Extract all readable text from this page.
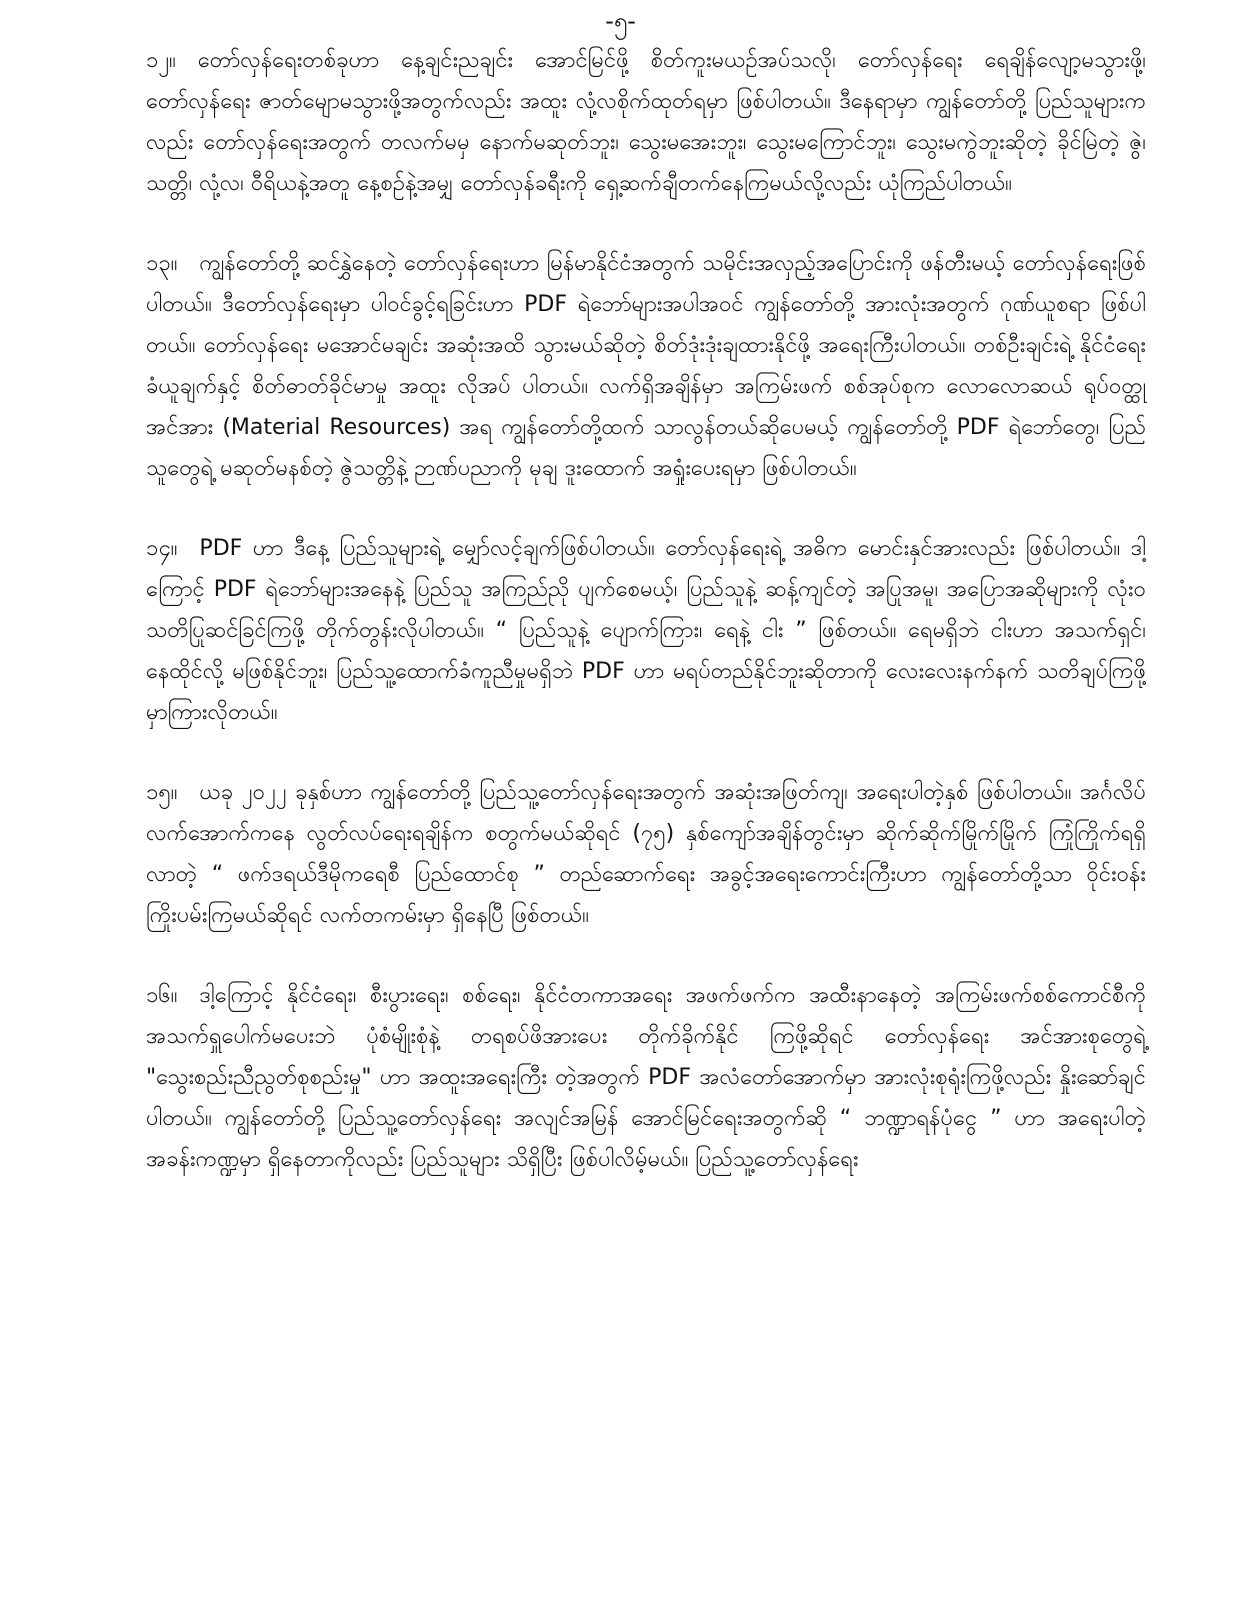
-၅-

၁၂။ တော်လှန်ရေးတစ်ခုဟာ နေ့ချင်းညချင်း အောင်မြင်ဖို့ စိတ်ကူးမယဉ်အပ်သလို၊ တော်လှန်ရေး ရေချိန်လျော့မသွားဖို့၊ တော်လှန်ရေး ဇာတ်မျောမသွားဖို့အတွက်လည်း အထူး လုံ့လစိုက်ထုတ်ရမှာ ဖြစ်ပါတယ်။ ဒီနေရာမှာ ကျွန်တော်တို့ ပြည်သူများကလည်း တော်လှန်ရေးအတွက် တလက်မမှ နောက်မဆုတ်ဘူး၊ သွေးမအေးဘူး၊ သွေးမကြောင်ဘူး၊ သွေးမကွဲဘူးဆိုတဲ့ ခိုင်မြဲတဲ့ ဇွဲ၊ သတ္တိ၊ လုံ့လ၊ ဝီရိယနဲ့အတူ နေ့စဉ်နဲ့အမျှ တော်လှန်ခရီးကို ရှေ့ဆက်ချီတက်နေကြမယ်လို့လည်း ယုံကြည်ပါတယ်။

၁၃။ ကျွန်တော်တို့ ဆင်နွှဲနေတဲ့ တော်လှန်ရေးဟာ မြန်မာနိုင်ငံအတွက် သမိုင်းအလှည့်အပြောင်းကို ဖန်တီးမယ့် တော်လှန်ရေးဖြစ်ပါတယ်။ ဒီတော်လှန်ရေးမှာ ပါဝင်ခွင့်ရခြင်းဟာ PDF ရဲဘော်များအပါအဝင် ကျွန်တော်တို့ အားလုံးအတွက် ဂုဏ်ယူစရာ ဖြစ်ပါတယ်။ တော်လှန်ရေး မအောင်မချင်း အဆုံးအထိ သွားမယ်ဆိုတဲ့ စိတ်ဒုံးဒုံးချထားနိုင်ဖို့ အရေးကြီးပါတယ်။ တစ်ဦးချင်းရဲ့ နိုင်ငံရေးခံယူချက်နှင့် စိတ်ဓာတ်ခိုင်မာမှု အထူး လိုအပ် ပါတယ်။ လက်ရှိအချိန်မှာ အကြမ်းဖက် စစ်အုပ်စုက လောလောဆယ် ရုပ်ဝတ္ထုအင်အား (Material Resources) အရ ကျွန်တော်တို့ထက် သာလွန်တယ်ဆိုပေမယ့် ကျွန်တော်တို့ PDF ရဲဘော်တွေ၊ ပြည်သူတွေရဲ့ မဆုတ်မနစ်တဲ့ ဇွဲသတ္တိနဲ့ ဉာဏ်ပညာကို မုချ ဒူးထောက် အရှုံးပေးရမှာ ဖြစ်ပါတယ်။

၁၄။ PDF ဟာ ဒီနေ့ ပြည်သူများရဲ့ မျှော်လင့်ချက်ဖြစ်ပါတယ်။ တော်လှန်ရေးရဲ့ အဓိက မောင်းနှင်အားလည်း ဖြစ်ပါတယ်။ ဒါ့ကြောင့် PDF ရဲဘော်များအနေနဲ့ ပြည်သူ အကြည်ညို ပျက်စေမယ့်၊ ပြည်သူနဲ့ ဆန့်ကျင်တဲ့ အပြုအမူ၊ အပြောအဆိုများကို လုံးဝ သတိပြုဆင်ခြင်ကြဖို့ တိုက်တွန်းလိုပါတယ်။ “ ပြည်သူနဲ့ ပျောက်ကြား၊ ရေနဲ့ ငါး ” ဖြစ်တယ်။ ရေမရှိဘဲ ငါးဟာ အသက်ရှင်၊ နေထိုင်လို့ မဖြစ်နိုင်ဘူး၊ ပြည်သူ့ထောက်ခံကူညီမှုမရှိဘဲ PDF ဟာ မရပ်တည်နိုင်ဘူးဆိုတာကို လေးလေးနက်နက် သတိချပ်ကြဖို့ မှာကြားလိုတယ်။

၁၅။ ယခု ၂၀၂၂ ခုနှစ်ဟာ ကျွန်တော်တို့ ပြည်သူ့တော်လှန်ရေးအတွက် အဆုံးအဖြတ်ကျ၊ အရေးပါတဲ့နှစ် ဖြစ်ပါတယ်။ အင်္ဂလိပ်လက်အောက်ကနေ လွတ်လပ်ရေးရချိန်က စတွက်မယ်ဆိုရင် (၇၅) နှစ်ကျော်အချိန်တွင်းမှာ ဆိုက်ဆိုက်မြိုက်မြိုက် ကြုံကြိုက်ရရှိလာတဲ့ “ ဖက်ဒရယ်ဒီမိုကရေစီ ပြည်ထောင်စု ” တည်ဆောက်ရေး အခွင့်အရေးကောင်းကြီးဟာ ကျွန်တော်တို့သာ ဝိုင်းဝန်း ကြိုးပမ်းကြမယ်ဆိုရင် လက်တကမ်းမှာ ရှိနေပြီ ဖြစ်တယ်။

၁၆။ ဒါ့ကြောင့် နိုင်ငံရေး၊ စီးပွားရေး၊ စစ်ရေး၊ နိုင်ငံတကာအရေး အဖက်ဖက်က အထီးနာနေတဲ့ အကြမ်းဖက်စစ်ကောင်စီကို အသက်ရှူပေါက်မပေးဘဲ ပုံစံမျိုးစုံနဲ့ တရစပ်ဖိအားပေး တိုက်ခိုက်နိုင် ကြဖို့ဆိုရင် တော်လှန်ရေး အင်အားစုတွေရဲ့ "သွေးစည်းညီညွတ်စုစည်းမှု" ဟာ အထူးအရေးကြီး တဲ့အတွက် PDF အလံတော်အောက်မှာ အားလုံးစုရုံးကြဖို့လည်း နှိုးဆော်ချင်ပါတယ်။ ကျွန်တော်တို့ ပြည်သူ့တော်လှန်ရေး အလျင်အမြန် အောင်မြင်ရေးအတွက်ဆို “ ဘဏ္ဍာရန်ပုံငွေ ” ဟာ အရေးပါတဲ့ အခန်းကဏ္ဍမှာ ရှိနေတာကိုလည်း ပြည်သူများ သိရှိပြီး ဖြစ်ပါလိမ့်မယ်။ ပြည်သူ့တော်လှန်ရေး
